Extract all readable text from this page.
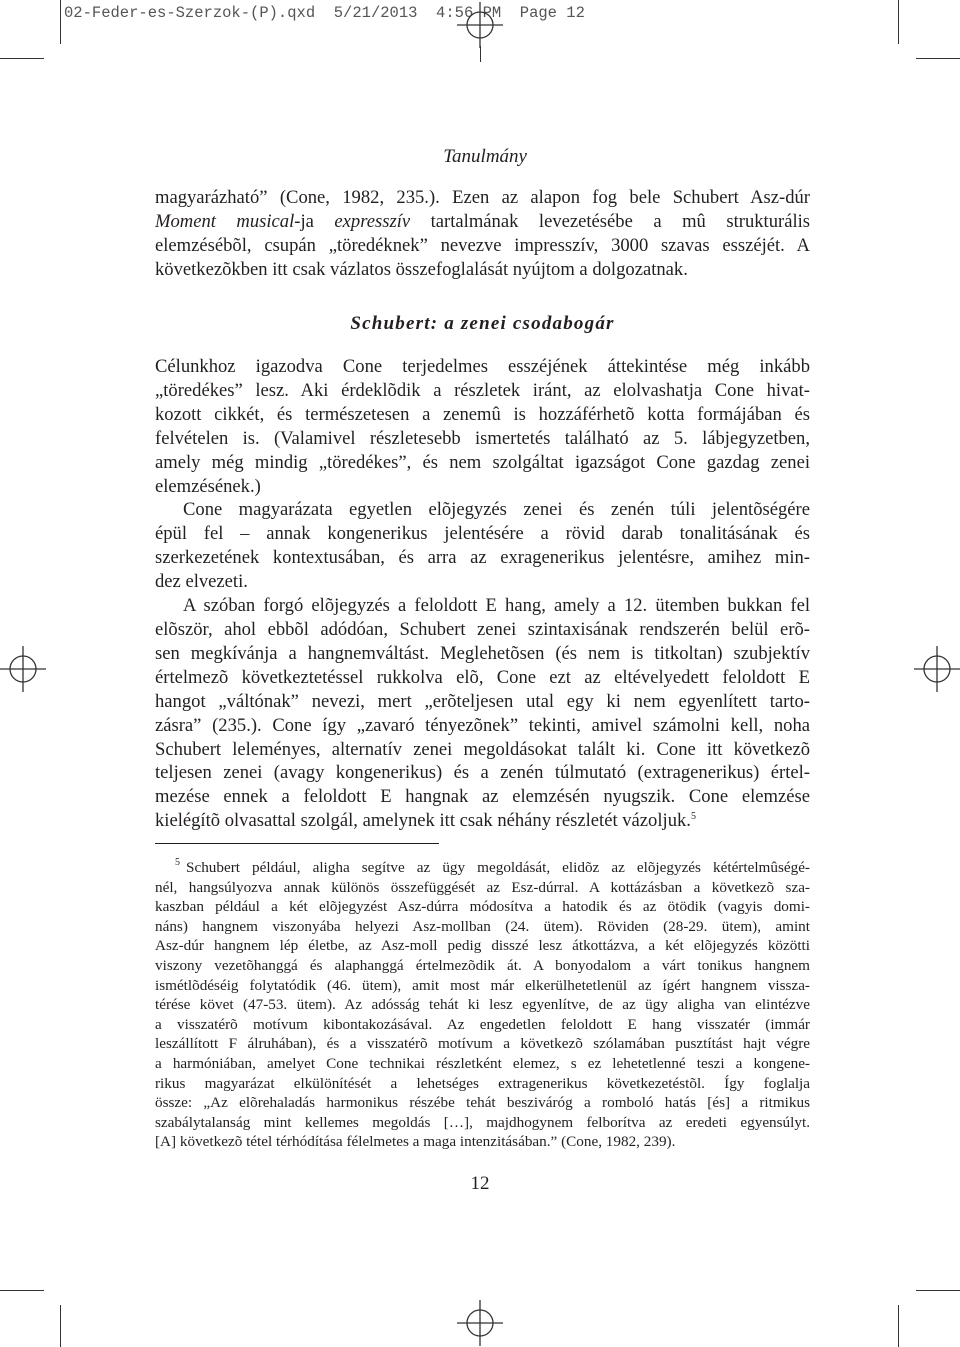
02-Feder-es-Szerzok-(P).qxd  5/21/2013  4:56 PM  Page 12
Tanulmány

magyarázható” (Cone, 1982, 235.). Ezen az alapon fog bele Schubert Asz-dúr

Moment musical-ja expresszív tartalmának levezetésébe a mû strukturális

elemzésébõl, csupán „töredéknek” nevezve impresszív, 3000 szavas esszéjét. A

következõkben itt csak vázlatos összefoglalását nyújtom a dolgozatnak.

Schubert: a zenei csodabogár

Célunkhoz igazodva Cone terjedelmes esszéjének áttekintése még inkább

„töredékes” lesz. Aki érdeklõdik a részletek iránt, az elolvashatja Cone hivat-

kozott cikkét, és természetesen a zenemû is hozzáférhetõ kotta formájában és

felvételen is. (Valamivel részletesebb ismertetés található az 5. lábjegyzetben,

amely még mindig „töredékes”, és nem szolgáltat igazságot Cone gazdag zenei

elemzésének.)

Cone magyarázata egyetlen elõjegyzés zenei és zenén túli jelentõségére

épül fel – annak kongenerikus jelentésére a rövid darab tonalitásának és

szerkezetének kontextusában, és arra az exragenerikus jelentésre, amihez min-

dez elvezeti.

A szóban forgó elõjegyzés a feloldott E hang, amely a 12. ütemben bukkan fel

elõször, ahol ebbõl adódóan, Schubert zenei szintaxisának rendszerén belül erõ-

sen megkívánja a hangnemváltást. Meglehetõsen (és nem is titkoltan) szubjektív

értelmezõ következtetéssel rukkolva elõ, Cone ezt az eltévelyedett feloldott E

hangot „váltónak” nevezi, mert „erõteljesen utal egy ki nem egyenlített tarto-

zásra” (235.). Cone így „zavaró tényezõnek” tekinti, amivel számolni kell, noha

Schubert leleményes, alternatív zenei megoldásokat talált ki. Cone itt következõ

teljesen zenei (avagy kongenerikus) és a zenén túlmutató (extragenerikus) értel-

mezése ennek a feloldott E hangnak az elemzésén nyugszik. Cone elemzése

kielégítõ olvasattal szolgál, amelynek itt csak néhány részletét vázoljuk.$^5$

$^5$ Schubert például, aligha segítve az ügy megoldását, elidõz az elõjegyzés kétértelmûségé-

nél, hangsúlyozva annak különös összefüggését az Esz-dúrral. A kottázásban a következõ sza-

kaszban például a két elõjegyzést Asz-dúrra módosítva a hatodik és az ötödik (vagyis domi-

náns) hangnem viszonyába helyezi Asz-mollban (24. ütem). Röviden (28-29. ütem), amint

Asz-dúr hangnem lép életbe, az Asz-moll pedig disszé lesz átkottázva, a két elõjegyzés közötti

viszony vezetõhanggá és alaphanggá értelmezõdik át. A bonyodalom a várt tonikus hangnem

ismétlõdéséig folytatódik (46. ütem), amit most már elkerülhetetlenül az ígért hangnem vissza-

térése követ (47-53. ütem). Az adósság tehát ki lesz egyenlítve, de az ügy aligha van elintézve

a visszatérõ motívum kibontakozásával. Az engedetlen feloldott E hang visszatér (immár

leszállított F álruhában), és a visszatérõ motívum a következõ szólamában pusztítást hajt végre

a harmóniában, amelyet Cone technikai részletként elemez, s ez lehetetlenné teszi a kongene-

rikus magyarázat elkülönítését a lehetséges extragenerikus következetéstõl. Így foglalja

össze: „Az elõrehaladás harmonikus részébe tehát besziváróg a romboló hatás [és] a ritmikus

szabálytalanság mint kellemes megoldás […], majdhogynem felborítva az eredeti egyensúlyt.

[A] következõ tétel térhódítása félelmetes a maga intenzitásában.” (Cone, 1982, 239).

12
